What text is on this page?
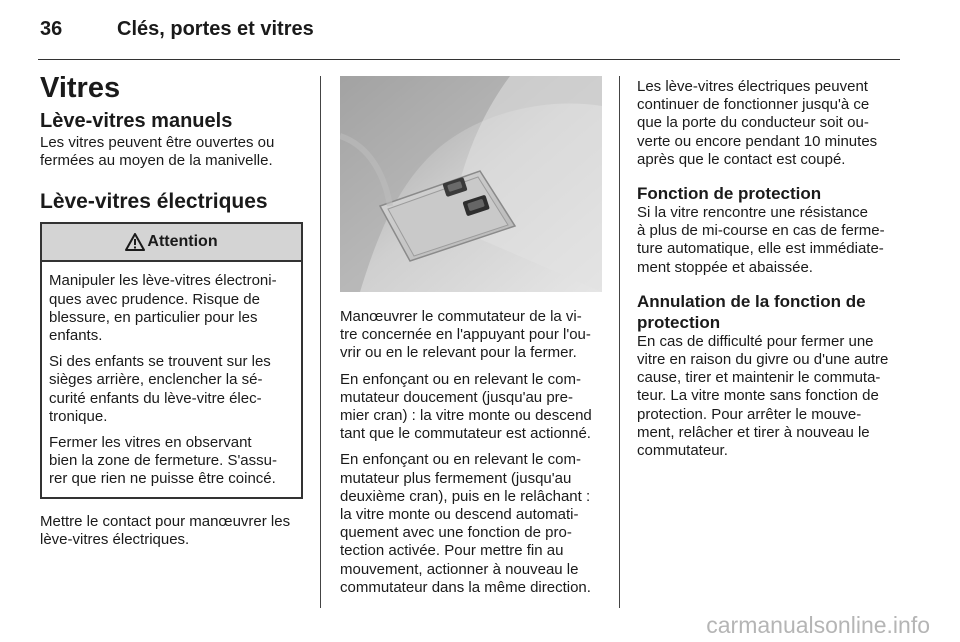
36	Clés, portes et vitres
Vitres
Lève-vitres manuels

Les vitres peuvent être ouvertes ou
fermées au moyen de la manivelle.

Lève-vitres électriques
Attention

Manipuler les lève-vitres électroni-
ques avec prudence. Risque de
blessure, en particulier pour les
enfants.

Si des enfants se trouvent sur les
sièges arrière, enclencher la sé-
curité enfants du lève-vitre élec-
tronique.

Fermer les vitres en observant
bien la zone de fermeture. S'assu-
rer que rien ne puisse être coincé.

Mettre le contact pour manœuvrer les
lève-vitres électriques.

Manœuvrer le commutateur de la vi-
tre concernée en l'appuyant pour l'ou-
vrir ou en le relevant pour la fermer.

En enfonçant ou en relevant le com-
mutateur doucement (jusqu'au pre-
mier cran) : la vitre monte ou descend
tant que le commutateur est actionné.

En enfonçant ou en relevant le com-
mutateur plus fermement (jusqu'au
deuxième cran), puis en le relâchant :
la vitre monte ou descend automati-
quement avec une fonction de pro-
tection activée. Pour mettre fin au
mouvement, actionner à nouveau le
commutateur dans la même direction.

Les lève-vitres électriques peuvent
continuer de fonctionner jusqu'à ce
que la porte du conducteur soit ou-
verte ou encore pendant 10 minutes
après que le contact est coupé.

Fonction de protection

Si la vitre rencontre une résistance
à plus de mi-course en cas de ferme-
ture automatique, elle est immédiate-
ment stoppée et abaissée.

Annulation de la fonction de
protection

En cas de difficulté pour fermer une
vitre en raison du givre ou d'une autre
cause, tirer et maintenir le commuta-
teur. La vitre monte sans fonction de
protection. Pour arrêter le mouve-
ment, relâcher et tirer à nouveau le
commutateur.

carmanualsonline.info
